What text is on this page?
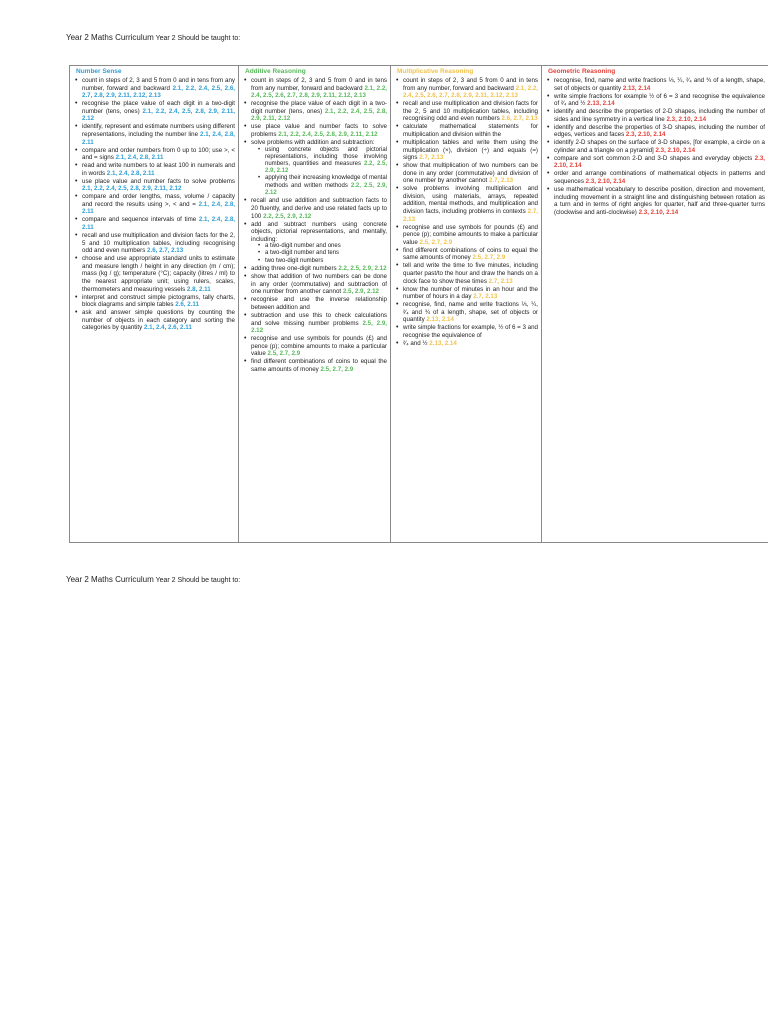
Year 2 Maths Curriculum Year 2 Should be taught to:
Number Sense
• count in steps of 2, 3 and 5 from 0 and in tens from any number, forward and backward 2.1, 2.2, 2.4, 2.5, 2.6, 2.7, 2.8, 2.9, 2.11, 2.12, 2.13
• recognise the place value of each digit in a two-digit number (tens, ones) 2.1, 2.2, 2.4, 2.5, 2.8, 2.9, 2.11, 2.12
• identify, represent and estimate numbers using different representations, including the number line 2.1, 2.4, 2.8, 2.11
• compare and order numbers from 0 up to 100; use >, < and = signs 2.1, 2.4, 2.8, 2.11
• read and write numbers to at least 100 in numerals and in words 2.1, 2.4, 2.8, 2.11
• use place value and number facts to solve problems 2.1, 2.2, 2.4, 2.5, 2.8, 2.9, 2.11, 2.12
• compare and order lengths, mass, volume / capacity and record the results using >, < and = 2.1, 2.4, 2.8, 2.11
• compare and sequence intervals of time 2.1, 2.4, 2.8, 2.11
• recall and use multiplication and division facts for the 2, 5 and 10 multiplication tables, including recognising odd and even numbers 2.6, 2.7, 2.13
• choose and use appropriate standard units to estimate and measure length / height in any direction (m / cm); mass (kg / g); temperature (°C); capacity (litres / ml) to the nearest appropriate unit; using rulers, scales, thermometers and measuring vessels 2.8, 2.11
• interpret and construct simple pictograms, tally charts, block diagrams and simple tables 2.6, 2.11
• ask and answer simple questions by counting the number of objects in each category and sorting the categories by quantity 2.1, 2.4, 2.6, 2.11
Additive Reasoning
• count in steps of 2, 3 and 5 from 0 and in tens from any number, forward and backward 2.1, 2.2, 2.4, 2.5, 2.6, 2.7, 2.8, 2.9, 2.11, 2.12, 2.13
• recognise the place value of each digit in a two-digit number (tens, ones) 2.1, 2.2, 2.4, 2.5, 2.8, 2.9, 2.11, 2.12
• use place value and number facts to solve problems 2.1, 2.2, 2.4, 2.5, 2.8, 2.9, 2.11, 2.12
• solve problems with addition and subtraction:
• using concrete objects and pictorial representations, including those involving numbers, quantities and measures 2.2, 2.5, 2.9, 2.12
• applying their increasing knowledge of mental methods and written methods 2.2, 2.5, 2.9, 2.12
• recall and use addition and subtraction facts to 20 fluently, and derive and use related facts up to 100 2.2, 2.5, 2.9, 2.12
• add and subtract numbers using concrete objects, pictorial representations, and mentally, including:
• a two-digit number and ones
• a two-digit number and tens
• two two-digit numbers
• adding three one-digit numbers 2.2, 2.5, 2.9, 2.12
• show that addition of two numbers can be done in any order (commutative) and subtraction of one number from another cannot 2.5, 2.9, 2.12
• recognise and use the inverse relationship between addition and
• subtraction and use this to check calculations and solve missing number problems 2.5, 2.9, 2.12
• recognise and use symbols for pounds (£) and pence (p); combine amounts to make a particular value 2.5, 2.7, 2.9
• find different combinations of coins to equal the same amounts of money 2.5, 2.7, 2.9
Multiplicative Reasoning
• count in steps of 2, 3 and 5 from 0 and in tens from any number, forward and backward 2.1, 2.2, 2.4, 2.5, 2.6, 2.7, 2.8, 2.9, 2.11, 2.12, 2.13
• recall and use multiplication and division facts for the 2, 5 and 10 multiplication tables, including recognising odd and even numbers 2.6, 2.7, 2.13
• calculate mathematical statements for multiplication and division within the
• multiplication tables and write them using the multiplication (×), division (÷) and equals (=) signs 2.7, 2.13
• show that multiplication of two numbers can be done in any order (commutative) and division of one number by another cannot 2.7, 2.13
• solve problems involving multiplication and division, using materials, arrays, repeated addition, mental methods, and multiplication and division facts, including problems in contexts 2.7, 2.13
• recognise and use symbols for pounds (£) and pence (p); combine amounts to make a particular value 2.5, 2.7, 2.9
• find different combinations of coins to equal the same amounts of money 2.5, 2.7, 2.9
• tell and write the time to five minutes, including quarter past/to the hour and draw the hands on a clock face to show these times 2.7, 2.13
• know the number of minutes in an hour and the number of hours in a day 2.7, 2.13
• recognise, find, name and write fractions ⅓, ¼, ²⁄₄ and ¾ of a length, shape, set of objects or quantity 2.13, 2.14
• write simple fractions for example, ½ of 6 = 3 and recognise the equivalence of
• ²⁄₄ and ½ 2.13, 2.14
Geometric Reasoning
• recognise, find, name and write fractions ⅓, ¼, ²⁄₄ and ¾ of a length, shape, set of objects or quantity 2.13, 2.14
• write simple fractions for example ½ of 6 = 3 and recognise the equivalence of ²⁄₄ and ½ 2.13, 2.14
• identify and describe the properties of 2-D shapes, including the number of sides and line symmetry in a vertical line 2.3, 2.10, 2.14
• identify and describe the properties of 3-D shapes, including the number of edges, vertices and faces 2.3, 2.10, 2.14
• identify 2-D shapes on the surface of 3-D shapes, [for example, a circle on a cylinder and a triangle on a pyramid] 2.3, 2.10, 2.14
• compare and sort common 2-D and 3-D shapes and everyday objects 2.3, 2.10, 2.14
• order and arrange combinations of mathematical objects in patterns and sequences 2.3, 2.10, 2.14
• use mathematical vocabulary to describe position, direction and movement, including movement in a straight line and distinguishing between rotation as a turn and in terms of right angles for quarter, half and three-quarter turns (clockwise and anti-clockwise) 2.3, 2.10, 2.14
Year 2 Maths Curriculum Year 2 Should be taught to:
